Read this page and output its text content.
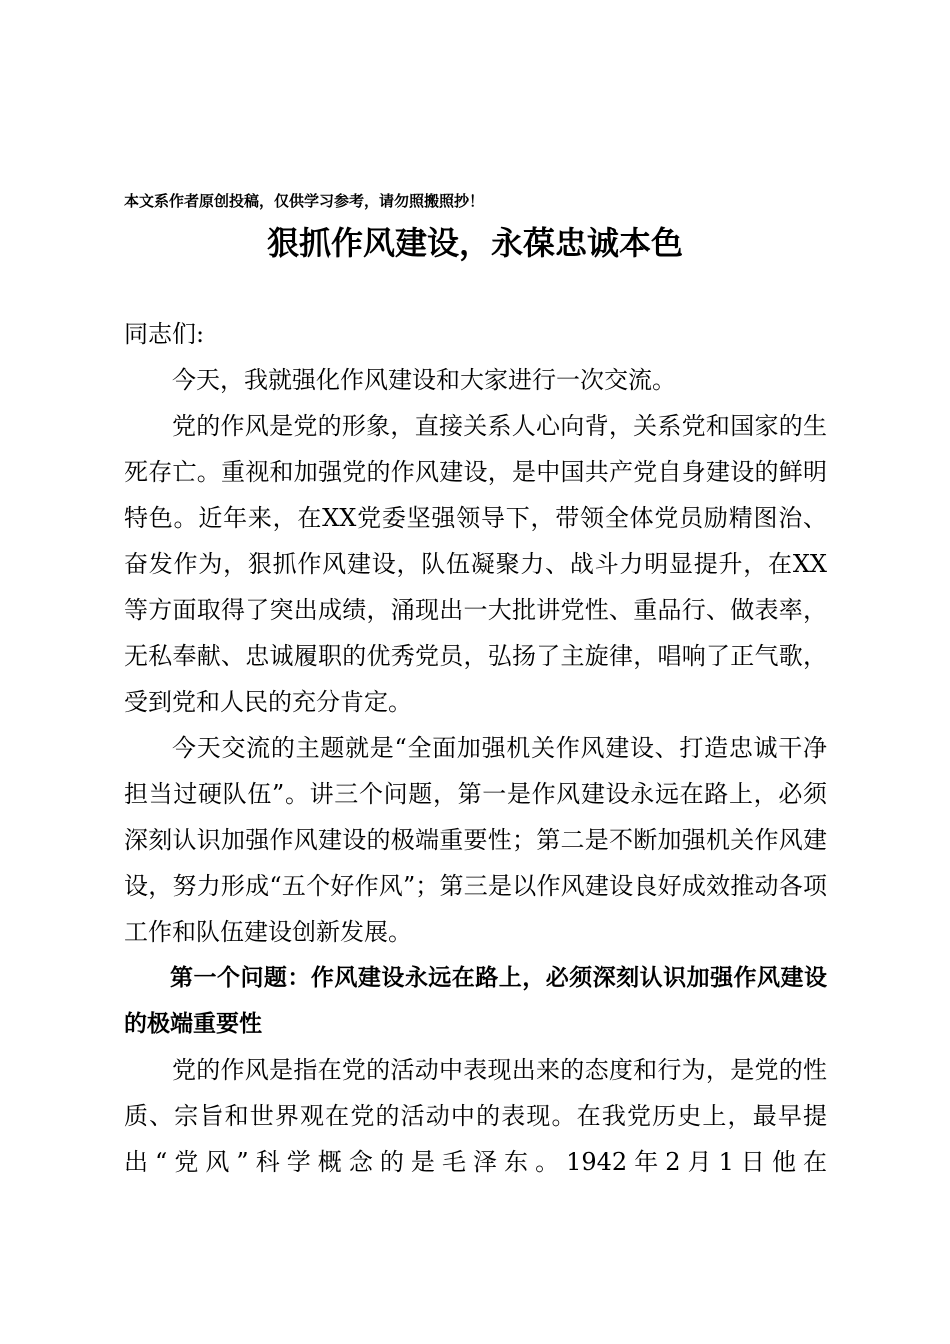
本文系作者原创投稿，仅供学习参考，请勿照搬照抄！
狠抓作风建设，永葆忠诚本色

同志们:

今天，我就强化作风建设和大家进行一次交流。

党的作风是党的形象，直接关系人心向背，关系党和国家的生死存亡。重视和加强党的作风建设，是中国共产党自身建设的鲜明特色。近年来，在XX党委坚强领导下，带领全体党员励精图治、奋发作为，狠抓作风建设，队伍凝聚力、战斗力明显提升，在XX等方面取得了突出成绩，涌现出一大批讲党性、重品行、做表率，无私奉献、忠诚履职的优秀党员，弘扬了主旋律，唱响了正气歌，受到党和人民的充分肯定。

今天交流的主题就是“全面加强机关作风建设、打造忠诚干净担当过硬队伍”。讲三个问题，第一是作风建设永远在路上，必须深刻认识加强作风建设的极端重要性；第二是不断加强机关作风建设，努力形成“五个好作风”；第三是以作风建设良好成效推动各项工作和队伍建设创新发展。

第一个问题：作风建设永远在路上，必须深刻认识加强作风建设的极端重要性

党的作风是指在党的活动中表现出来的态度和行为，是党的性质、宗旨和世界观在党的活动中的表现。在我党历史上，最早提出“党风”科学概念的是毛泽东。1942年2月1日他在
